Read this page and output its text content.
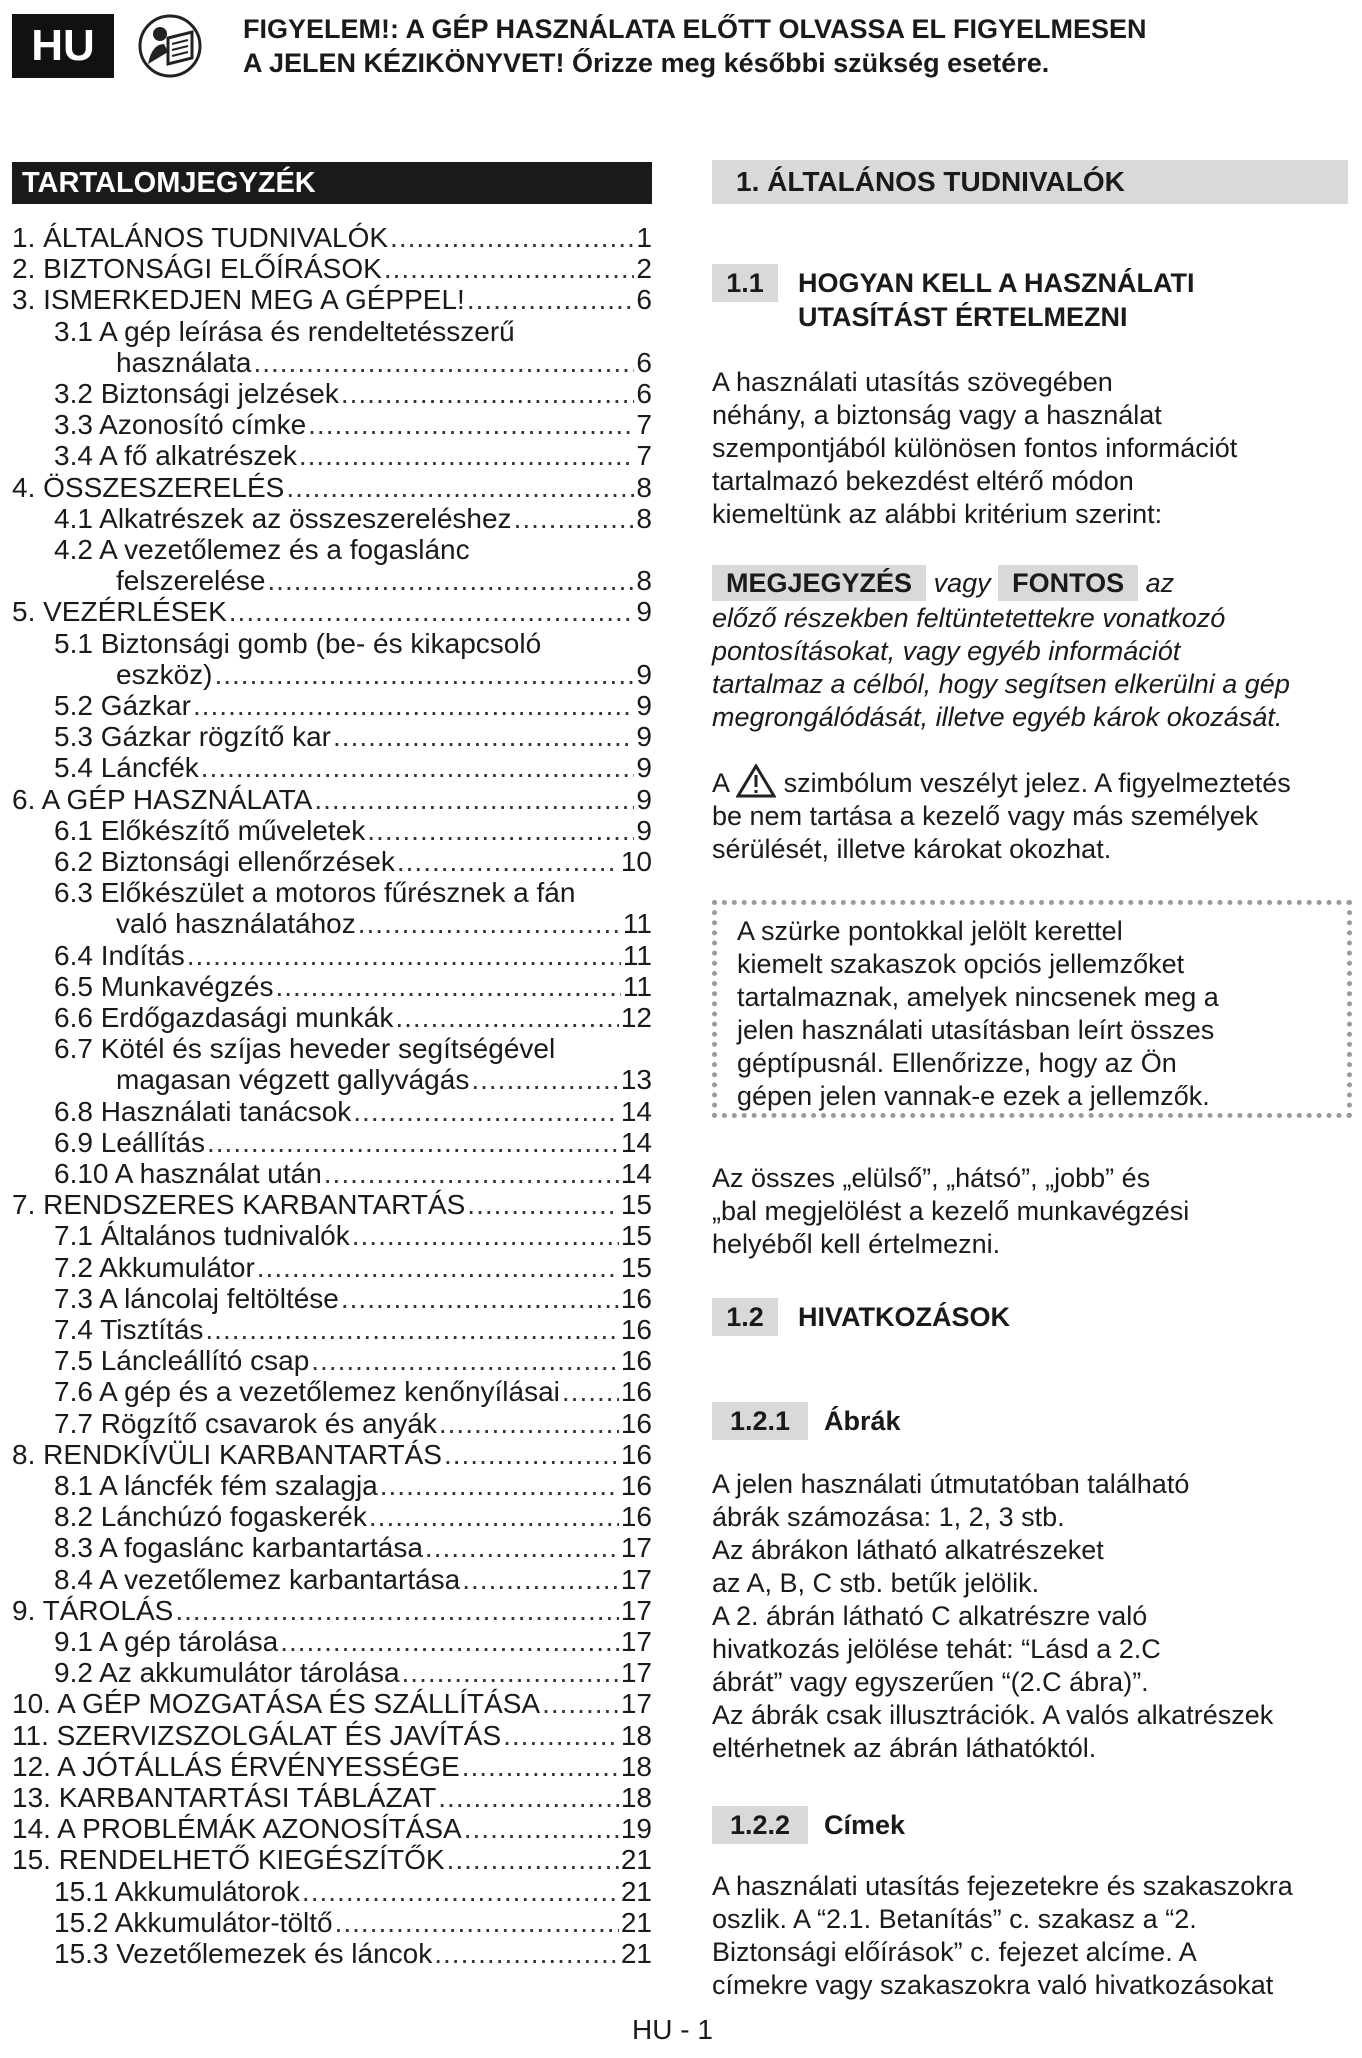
HU	FIGYELEM!: A GÉP HASZNÁLATA ELŐTT OLVASSA EL FIGYELMESEN
A JELEN KÉZIKÖNYVET! Őrizze meg későbbi szükség esetére.
TARTALOMJEGYZÉK
1. ÁLTALÁNOS TUDNIVALÓK .....	1
2. BIZTONSÁGI ELŐÍRÁSOK .....	2
3. ISMERKEDJEN MEG A GÉPPEL! .....	6
3.1 A gép leírása és rendeltetésszerű
használata .....	6
3.2 Biztonsági jelzések .....	6
3.3 Azonosító címke .....	7
3.4 A fő alkatrészek .....	7
4. ÖSSZESZERELÉS .....	8
4.1 Alkatrészek az összeszereléshez .....	8
4.2 A vezetőlemez és a fogaslánc
felszerelése .....	8
5. VEZÉRLÉSEK .....	9
5.1 Biztonsági gomb (be- és kikapcsoló
eszköz) .....	9
5.2 Gázkar .....	9
5.3 Gázkar rögzítő kar .....	9
5.4 Láncfék .....	9
6. A GÉP HASZNÁLATA .....	9
6.1 Előkészítő műveletek .....	9
6.2 Biztonsági ellenőrzések .....	10
6.3 Előkészület a motoros fűrésznek a fán
való használatához .....	11
6.4 Indítás .....	11
6.5 Munkavégzés .....	11
6.6 Erdőgazdasági munkák .....	12
6.7 Kötél és szíjas heveder segítségével
magasan végzett gallyvágás .....	13
6.8 Használati tanácsok .....	14
6.9 Leállítás .....	14
6.10 A használat után .....	14
7. RENDSZERES KARBANTARTÁS .....	15
7.1 Általános tudnivalók .....	15
7.2 Akkumulátor .....	15
7.3 A láncolaj feltöltése .....	16
7.4 Tisztítás .....	16
7.5 Láncleállító csap .....	16
7.6 A gép és a vezetőlemez kenőnyílásai ..... 16
7.7 Rögzítő csavarok és anyák .....	16
8. RENDKÍVÜLI KARBANTARTÁS .....	16
8.1 A láncfék fém szalagja .....	16
8.2 Lánchúzó fogaskerék .....	16
8.3 A fogaslánc karbantartása .....	17
8.4 A vezetőlemez karbantartása .....	17
9. TÁROLÁS .....	17
9.1 A gép tárolása .....	17
9.2 Az akkumulátor tárolása .....	17
10. A GÉP MOZGATÁSA ÉS SZÁLLÍTÁSA .....	17
11. SZERVIZSZOLGÁLAT ÉS JAVÍTÁS .....	18
12. A JÓTÁLLÁS ÉRVÉNYESSÉGE .....	18
13. KARBANTARTÁSI TÁBLÁZAT .....	18
14. A PROBLÉMÁK AZONOSÍTÁSA .....	19
15. RENDELHETŐ KIEGÉSZÍTŐK .....	21
15.1 Akkumulátorok .....	21
15.2 Akkumulátor-töltő .....	21
15.3 Vezetőlemezek és láncok .....	21
1. ÁLTALÁNOS TUDNIVALÓK
1.1	HOGYAN KELL A HASZNÁLATI
UTASÍTÁST ÉRTELMEZNI

A használati utasítás szövegében

néhány, a biztonság vagy a használat

szempontjából különösen fontos információt

tartalmazó bekezdést eltérő módon

kiemeltünk az alábbi kritérium szerint:

MEGJEGYZÉS vagy FONTOS az

előző részekben feltüntetettekre vonatkozó

pontosításokat, vagy egyéb információt

tartalmaz a célból, hogy segítsen elkerülni a gép

megrongálódását, illetve egyéb károk okozását.

A szimbólum veszélyt jelez. A figyelmeztetés

be nem tartása a kezelő vagy más személyek

sérülését, illetve károkat okozhat.

A szürke pontokkal jelölt kerettel
kiemelt szakaszok opciós jellemzőket
tartalmaznak, amelyek nincsenek meg a
jelen használati utasításban leírt összes
géptípusnál. Ellenőrizze, hogy az Ön
gépen jelen vannak-e ezek a jellemzők.

Az összes „elülső”, „hátsó”, „jobb” és

„bal megjelölést a kezelő munkavégzési

helyéből kell értelmezni.

1.2	HIVATKOZÁSOK
1.2.1	Ábrák

A jelen használati útmutatóban található

ábrák számozása: 1, 2, 3 stb.

Az ábrákon látható alkatrészeket

az A, B, C stb. betűk jelölik.

A 2. ábrán látható C alkatrészre való

hivatkozás jelölése tehát: “Lásd a 2.C

ábrát” vagy egyszerűen “(2.C ábra)”.

Az ábrák csak illusztrációk. A valós alkatrészek

eltérhetnek az ábrán láthatóktól.

1.2.2	Címek

A használati utasítás fejezetekre és szakaszokra

oszlik. A “2.1. Betanítás” c. szakasz a “2.

Biztonsági előírások” c. fejezet alcíme. A

címekre vagy szakaszokra való hivatkozásokat

HU - 1
